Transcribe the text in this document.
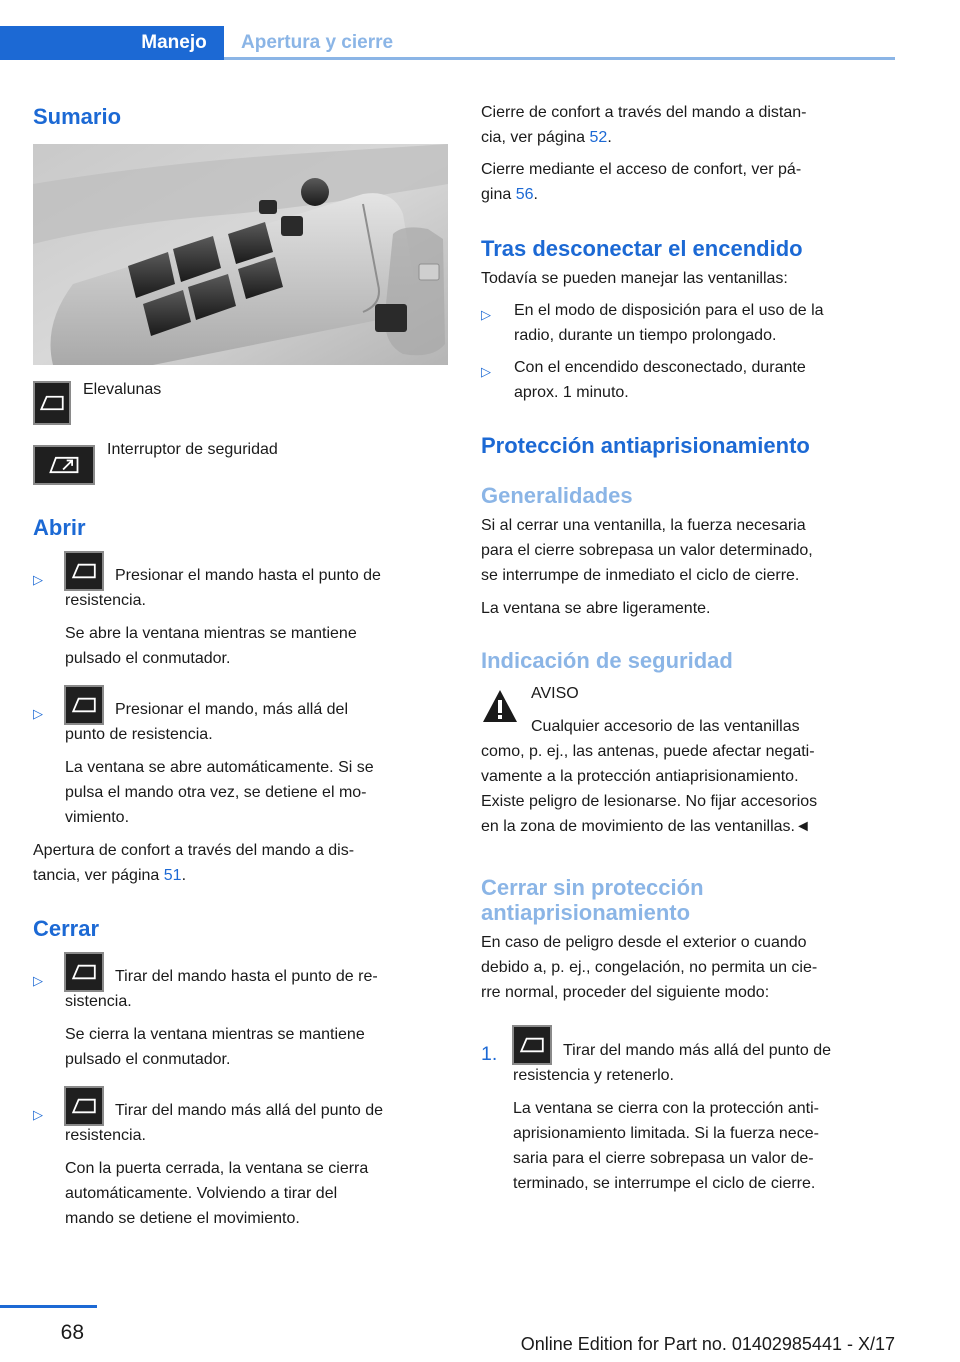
Manejo	Apertura y cierre
Sumario
Elevalunas
Interruptor de seguridad
Abrir
▷	Presionar el mando hasta el punto de
resistencia.
Se abre la ventana mientras se mantiene
pulsado el conmutador.
▷	Presionar el mando, más allá del
punto de resistencia.
La ventana se abre automáticamente. Si se
pulsa el mando otra vez, se detiene el mo‐
vimiento.
Apertura de confort a través del mando a dis‐
tancia, ver página 51.
Cerrar
▷	Tirar del mando hasta el punto de re‐
sistencia.
Se cierra la ventana mientras se mantiene
pulsado el conmutador.
▷	Tirar del mando más allá del punto de
resistencia.
Con la puerta cerrada, la ventana se cierra
automáticamente. Volviendo a tirar del
mando se detiene el movimiento.
Cierre de confort a través del mando a distan‐
cia, ver página 52.
Cierre mediante el acceso de confort, ver pá‐
gina 56.
Tras desconectar el encendido
Todavía se pueden manejar las ventanillas:
▷ En el modo de disposición para el uso de la
radio, durante un tiempo prolongado.
▷ Con el encendido desconectado, durante
aprox. 1 minuto.
Protección antiaprisionamiento
Generalidades
Si al cerrar una ventanilla, la fuerza necesaria
para el cierre sobrepasa un valor determinado,
se interrumpe de inmediato el ciclo de cierre.
La ventana se abre ligeramente.
Indicación de seguridad
AVISO
Cualquier accesorio de las ventanillas
como, p. ej., las antenas, puede afectar negati‐
vamente a la protección antiaprisionamiento.
Existe peligro de lesionarse. No fijar accesorios
en la zona de movimiento de las ventanillas.◄
Cerrar sin protección
antiaprisionamiento
En caso de peligro desde el exterior o cuando
debido a, p. ej., congelación, no permita un cie‐
rre normal, proceder del siguiente modo:
1.	Tirar del mando más allá del punto de
resistencia y retenerlo.
La ventana se cierra con la protección anti‐
aprisionamiento limitada. Si la fuerza nece‐
saria para el cierre sobrepasa un valor de‐
terminado, se interrumpe el ciclo de cierre.
68	Online Edition for Part no. 01402985441 - X/17
